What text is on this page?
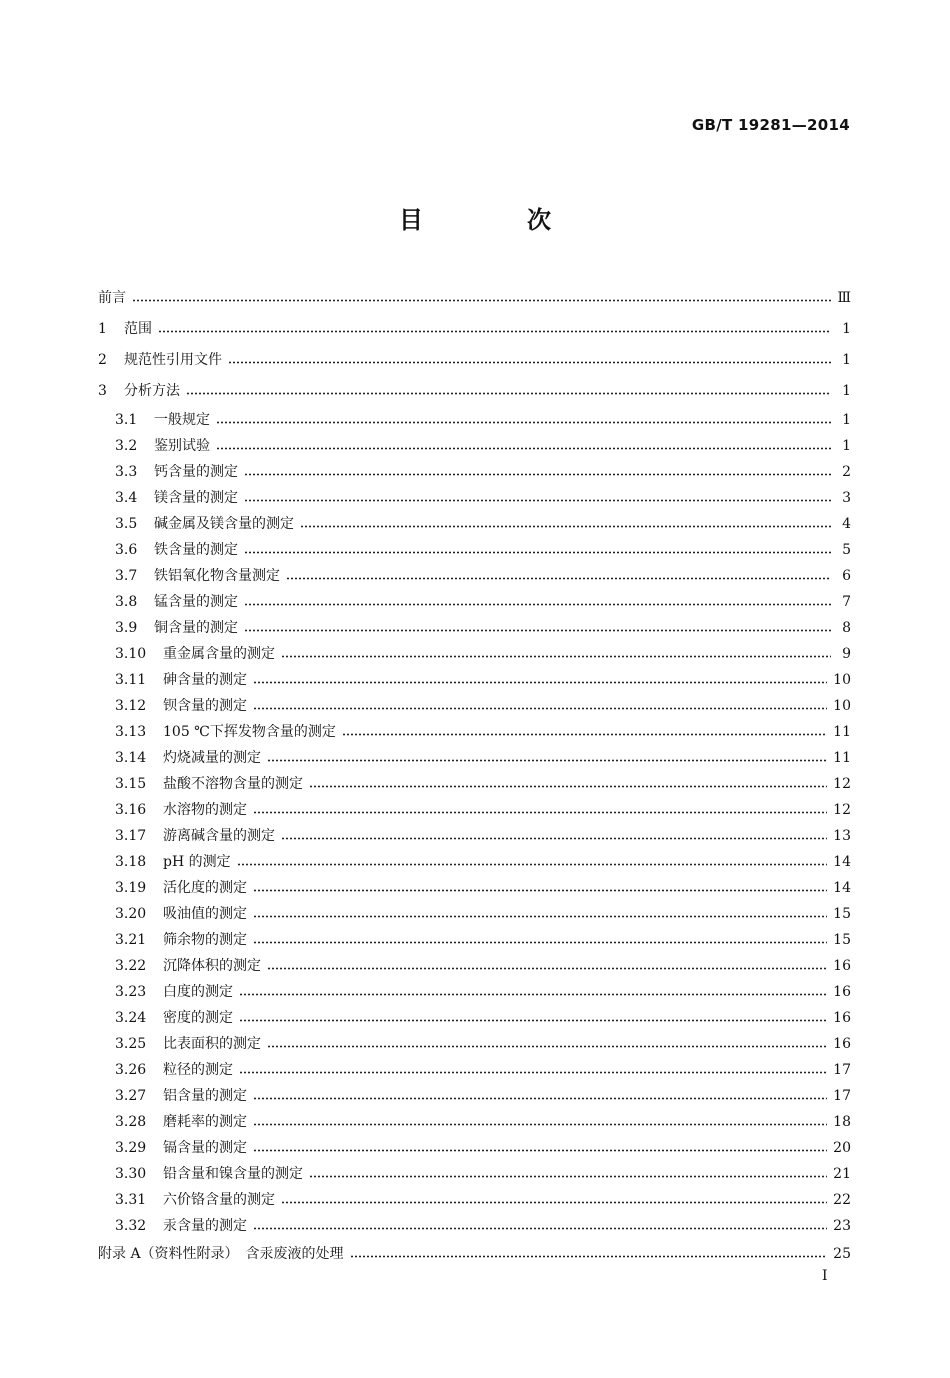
GB/T 19281—2014
目　次
前言	Ⅲ
1	范围	1
2	规范性引用文件	1
3	分析方法	1
3.1	一般规定	1
3.2	鉴别试验	1
3.3	钙含量的测定	2
3.4	镁含量的测定	3
3.5	碱金属及镁含量的测定	4
3.6	铁含量的测定	5
3.7	铁铝氧化物含量测定	6
3.8	锰含量的测定	7
3.9	铜含量的测定	8
3.10	重金属含量的测定	9
3.11	砷含量的测定	10
3.12	钡含量的测定	10
3.13	105 ℃下挥发物含量的测定	11
3.14	灼烧减量的测定	11
3.15	盐酸不溶物含量的测定	12
3.16	水溶物的测定	12
3.17	游离碱含量的测定	13
3.18	pH 的测定	14
3.19	活化度的测定	14
3.20	吸油值的测定	15
3.21	筛余物的测定	15
3.22	沉降体积的测定	16
3.23	白度的测定	16
3.24	密度的测定	16
3.25	比表面积的测定	16
3.26	粒径的测定	17
3.27	铝含量的测定	17
3.28	磨耗率的测定	18
3.29	镉含量的测定	20
3.30	铅含量和镍含量的测定	21
3.31	六价铬含量的测定	22
3.32	汞含量的测定	23
附录 A（资料性附录）　含汞废液的处理	25
I
